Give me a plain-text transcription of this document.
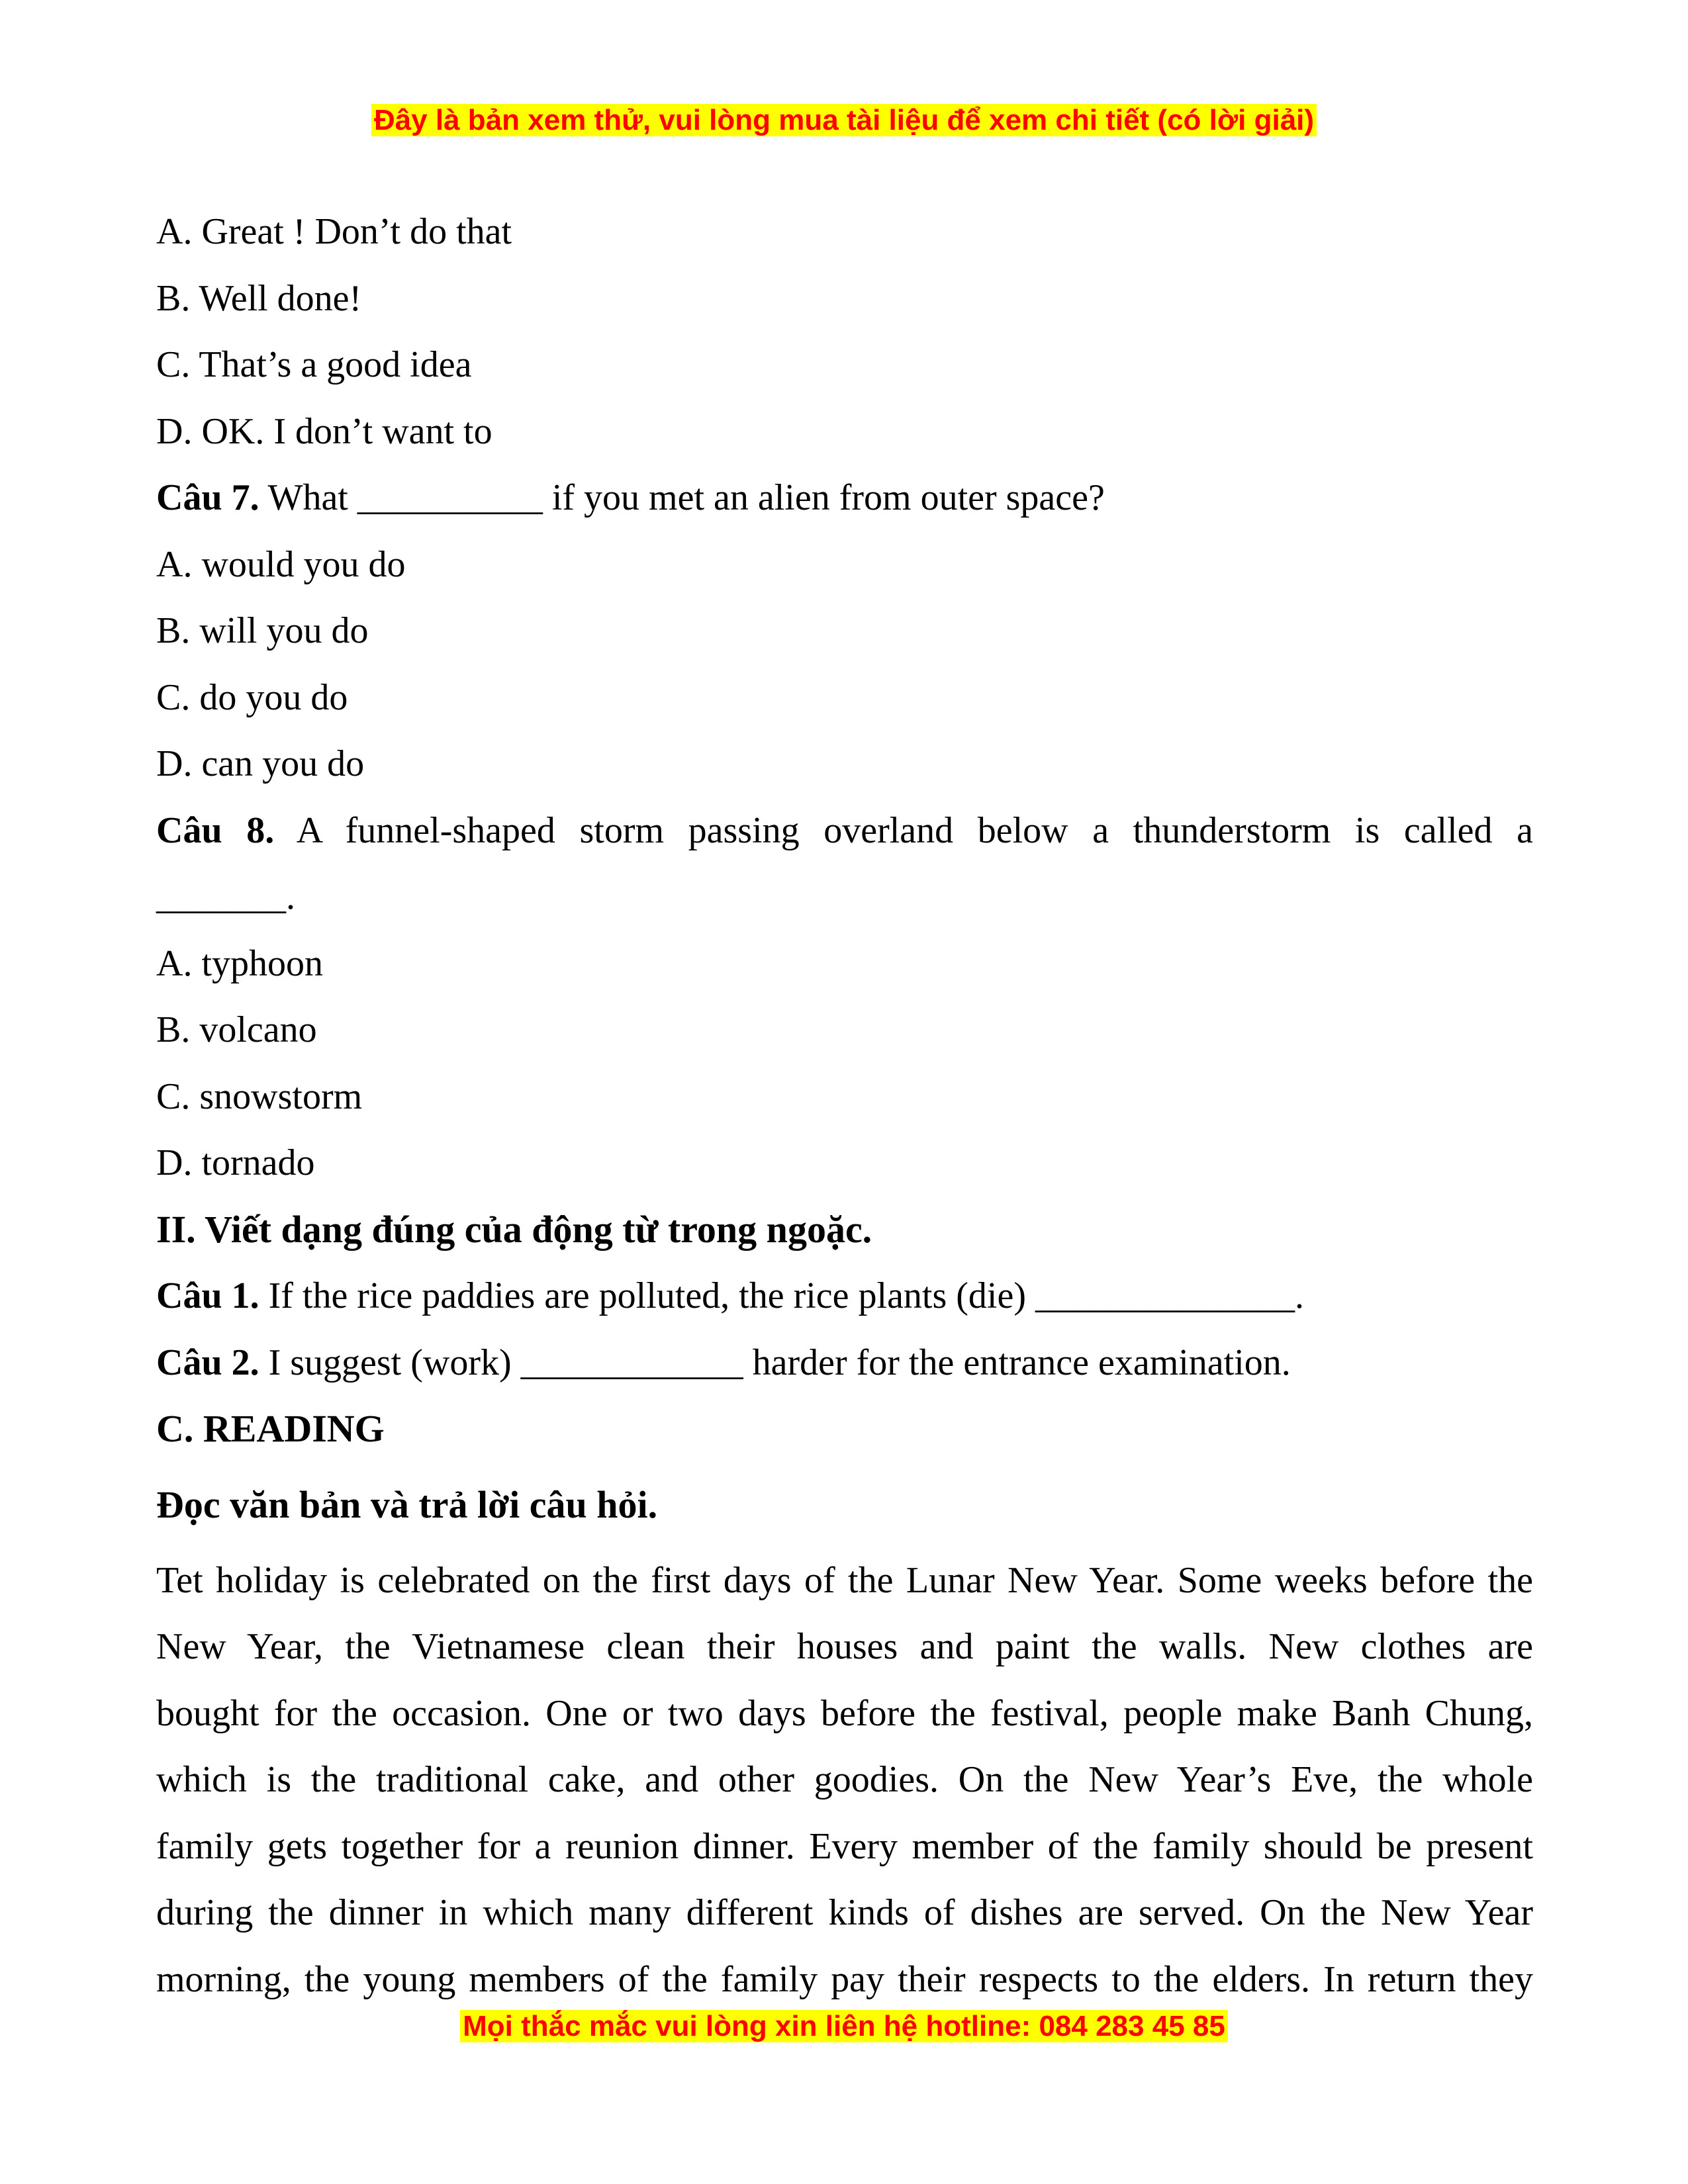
Đây là bản xem thử, vui lòng mua tài liệu để xem chi tiết (có lời giải)
A. Great ! Don’t do that
B. Well done!
C. That’s a good idea
D. OK. I don’t want to
Câu 7. What __________ if you met an alien from outer space?
A. would you do
B. will you do
C. do you do
D. can you do
Câu 8. A funnel-shaped storm passing overland below a thunderstorm is called a
_______.
A. typhoon
B. volcano
C. snowstorm
D. tornado
II. Viết dạng đúng của động từ trong ngoặc.
Câu 1. If the rice paddies are polluted, the rice plants (die) ______________.
Câu 2. I suggest (work) ____________ harder for the entrance examination.
C. READING
Đọc văn bản và trả lời câu hỏi.
Tet holiday is celebrated on the first days of the Lunar New Year. Some weeks before the
New Year, the Vietnamese clean their houses and paint the walls. New clothes are
bought for the occasion. One or two days before the festival, people make Banh Chung,
which is the traditional cake, and other goodies. On the New Year’s Eve, the whole
family gets together for a reunion dinner. Every member of the family should be present
during the dinner in which many different kinds of dishes are served. On the New Year
morning, the young members of the family pay their respects to the elders. In return they
Mọi thắc mắc vui lòng xin liên hệ hotline: 084 283 45 85
